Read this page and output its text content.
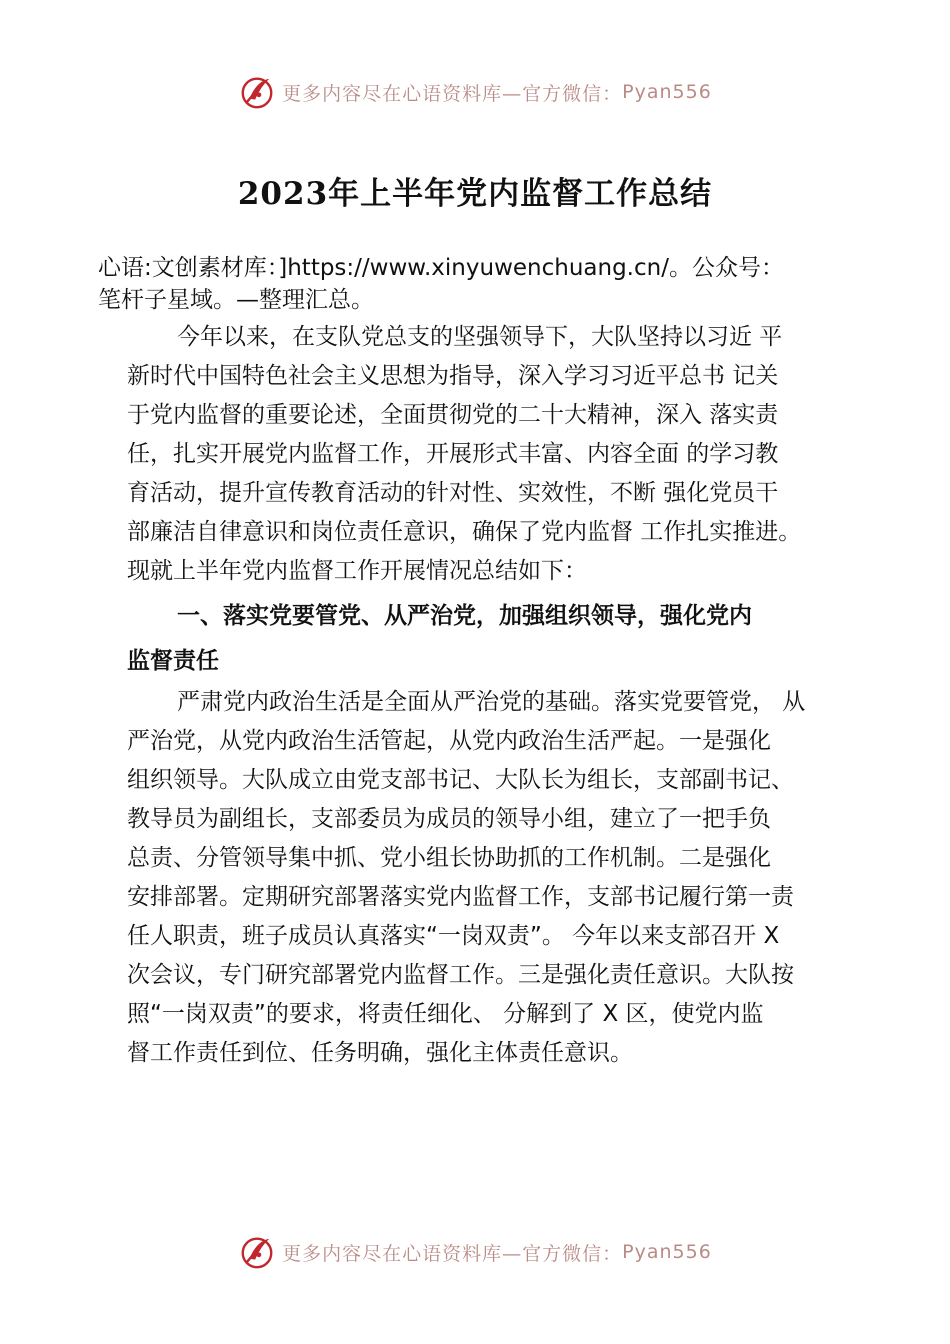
更多内容尽在心语资料库—官方微信： Pyan556
2023年上半年党内监督工作总结
心语:文创素材库：]https://www.xinyuwenchuang.cn/。公众号：
笔杆子星域。—整理汇总。
今年以来，在支队党总支的坚强领导下，大队坚持以习近 平
新时代中国特色社会主义思想为指导，深入学习习近平总书 记关
于党内监督的重要论述，全面贯彻党的二十大精神，深入 落实责
任，扎实开展党内监督工作，开展形式丰富、内容全面 的学习教
育活动，提升宣传教育活动的针对性、实效性，不断 强化党员干
部廉洁自律意识和岗位责任意识，确保了党内监督 工作扎实推进。
现就上半年党内监督工作开展情况总结如下：
一、落实党要管党、从严治党，加强组织领导，强化党内
监督责任
严肃党内政治生活是全面从严治党的基础。落实党要管党， 从
严治党，从党内政治生活管起，从党内政治生活严起。一是强化
组织领导。大队成立由党支部书记、大队长为组长，支部副书记、
教导员为副组长，支部委员为成员的领导小组，建立了一把手负
总责、分管领导集中抓、党小组长协助抓的工作机制。二是强化
安排部署。定期研究部署落实党内监督工作，支部书记履行第一责
任人职责，班子成员认真落实“一岗双责”。 今年以来支部召开 X
次会议，专门研究部署党内监督工作。三是强化责任意识。大队按
照“一岗双责”的要求，将责任细化、 分解到了 X 区，使党内监
督工作责任到位、任务明确，强化主体责任意识。
更多内容尽在心语资料库—官方微信： Pyan556
